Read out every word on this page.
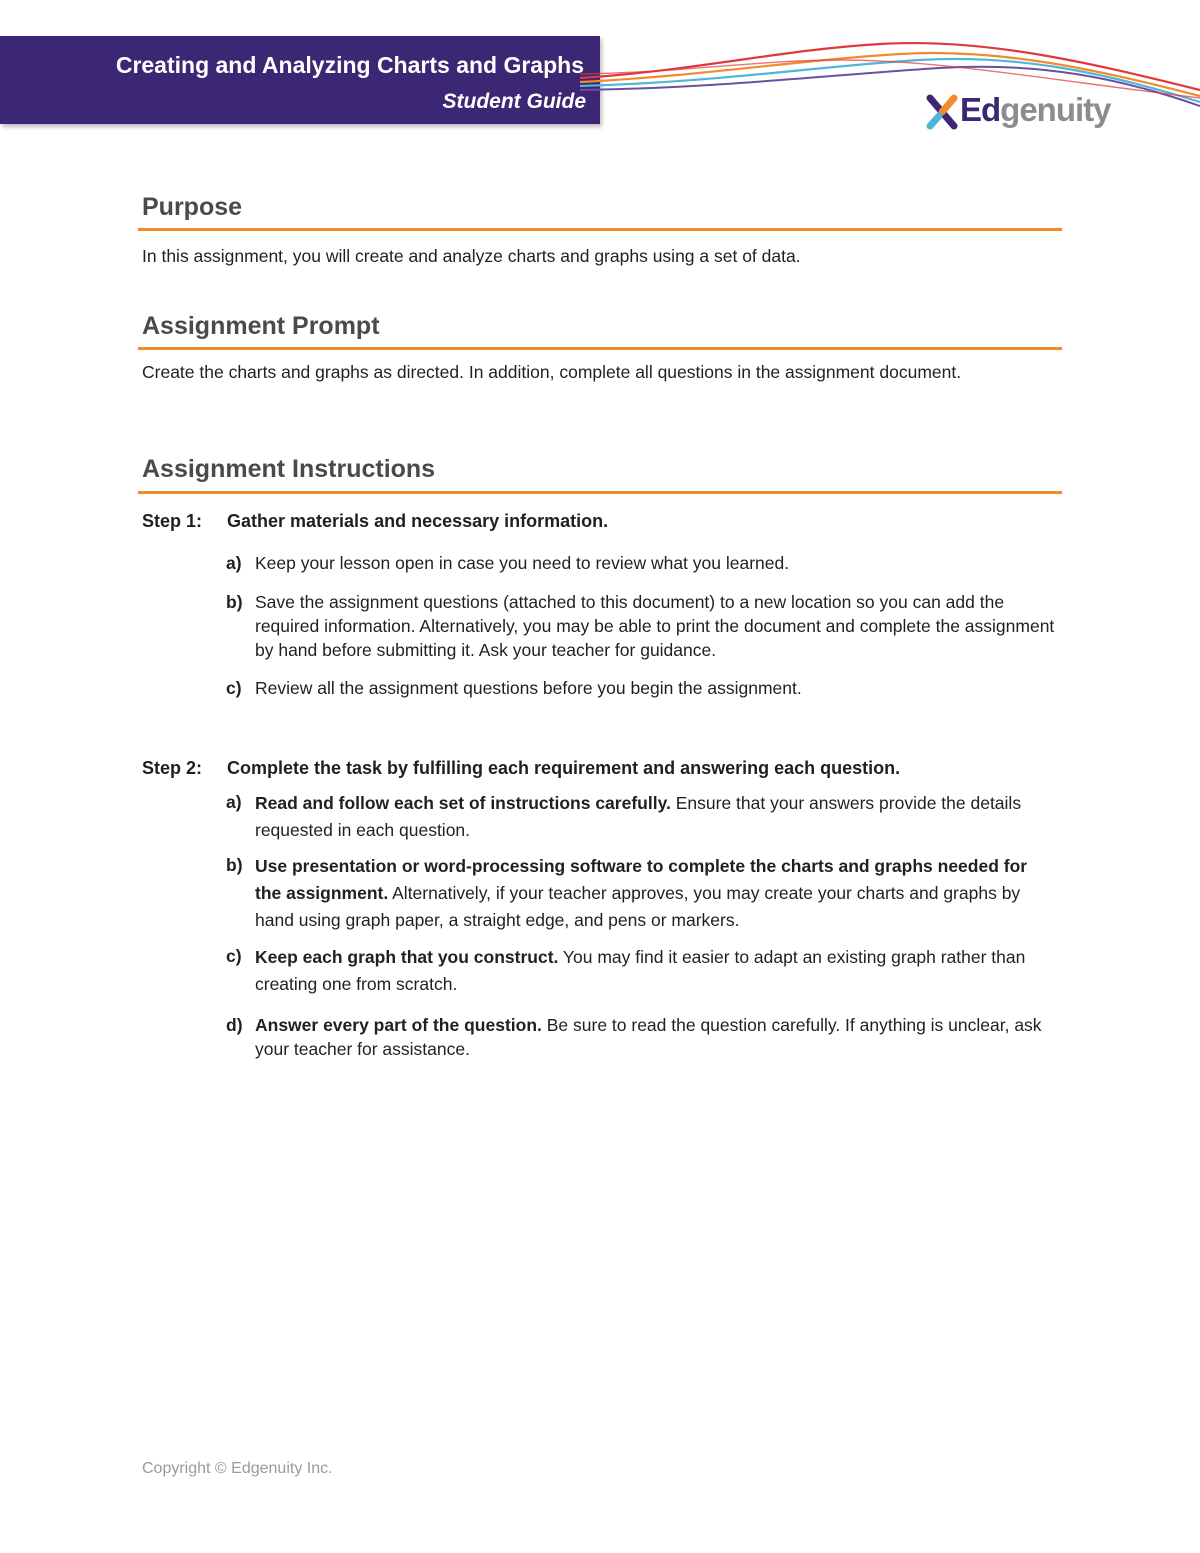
Creating and Analyzing Charts and Graphs
Student Guide	Edgenuity
Purpose

In this assignment, you will create and analyze charts and graphs using a set of data.

Assignment Prompt

Create the charts and graphs as directed. In addition, complete all questions in the assignment document.

Assignment Instructions
Step 1: Gather materials and necessary information.
a) Keep your lesson open in case you need to review what you learned.
b) Save the assignment questions (attached to this document) to a new location so you can add the required information. Alternatively, you may be able to print the document and complete the assignment by hand before submitting it. Ask your teacher for guidance.
c) Review all the assignment questions before you begin the assignment.
Step 2: Complete the task by fulfilling each requirement and answering each question.
a) Read and follow each set of instructions carefully. Ensure that your answers provide the details requested in each question.
b) Use presentation or word-processing software to complete the charts and graphs needed for the assignment. Alternatively, if your teacher approves, you may create your charts and graphs by hand using graph paper, a straight edge, and pens or markers.
c) Keep each graph that you construct. You may find it easier to adapt an existing graph rather than creating one from scratch.
d) Answer every part of the question. Be sure to read the question carefully. If anything is unclear, ask your teacher for assistance.
Copyright © Edgenuity Inc.
